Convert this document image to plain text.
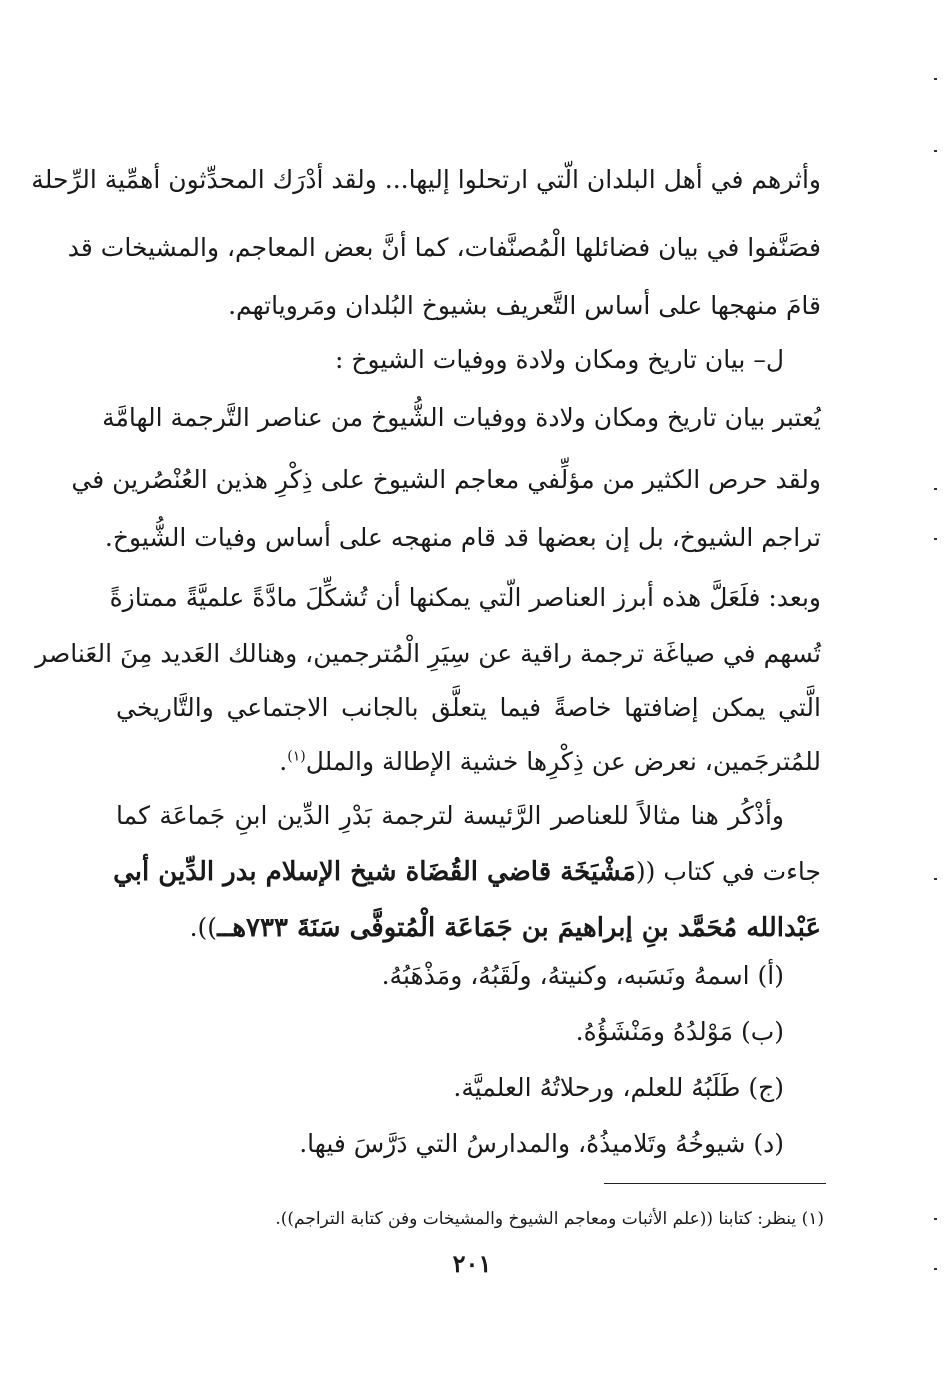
وأثرهم في أهل البلدان الّتي ارتحلوا إليها... ولقد أدْرَك المحدِّثون أهمِّية الرِّحلة
فصَنَّفوا في بيان فضائلها الْمُصنَّفات، كما أنَّ بعض المعاجم، والمشيخات قد
قامَ منهجها على أساس التَّعريف بشيوخ البُلدان ومَروياتهم.
ل– بيان تاريخ ومكان ولادة ووفيات الشيوخ :
يُعتبر بيان تاريخ ومكان ولادة ووفيات الشُّيوخ من عناصر التَّرجمة الهامَّة
ولقد حرص الكثير من مؤلِّفي معاجم الشيوخ على ذِكْرِ هذين العُنْصُرين في
تراجم الشيوخ، بل إن بعضها قد قام منهجه على أساس وفيات الشُّيوخ.
وبعد: فلَعَلَّ هذه أبرز العناصر الّتي يمكنها أن تُشكِّلَ مادَّةً علميَّةً ممتازةً
تُسهم في صياغَة ترجمة راقية عن سِيَرِ الْمُترجمين، وهنالك العَديد مِنَ العَناصر
الَّتي يمكن إضافتها خاصةً فيما يتعلَّق بالجانب الاجتماعي والتَّاريخي
للمُترجَمين، نعرض عن ذِكْرِها خشية الإطالة والملل$^{(١)}$.
وأذْكُر هنا مثالاً للعناصر الرَّئيسة لترجمة بَدْرِ الدِّين ابنِ جَماعَة كما
جاءت في كتاب ((مَشْيَخَة قاضي القُضَاة شيخ الإسلام بدر الدِّين أبي
عَبْدالله مُحَمَّد بنِ إبراهيمَ بن جَمَاعَة الْمُتوفَّى سَنَةَ ٧٣٣هــ)).
(أ) اسمهُ ونَسَبه، وكنيتهُ، ولَقَبُهُ، ومَذْهَبُهُ.
(ب) مَوْلدُهُ ومَنْشَؤُهُ.
(ج) طَلَبُهُ للعلم، ورحلاتُهُ العلميَّة.
(د) شيوخُهُ وتَلاميذُهُ، والمدارسُ التي دَرَّسَ فيها.
(١) ينظر: كتابنا ((علم الأثبات ومعاجم الشيوخ والمشيخات وفن كتابة التراجم)).
٢٠١
